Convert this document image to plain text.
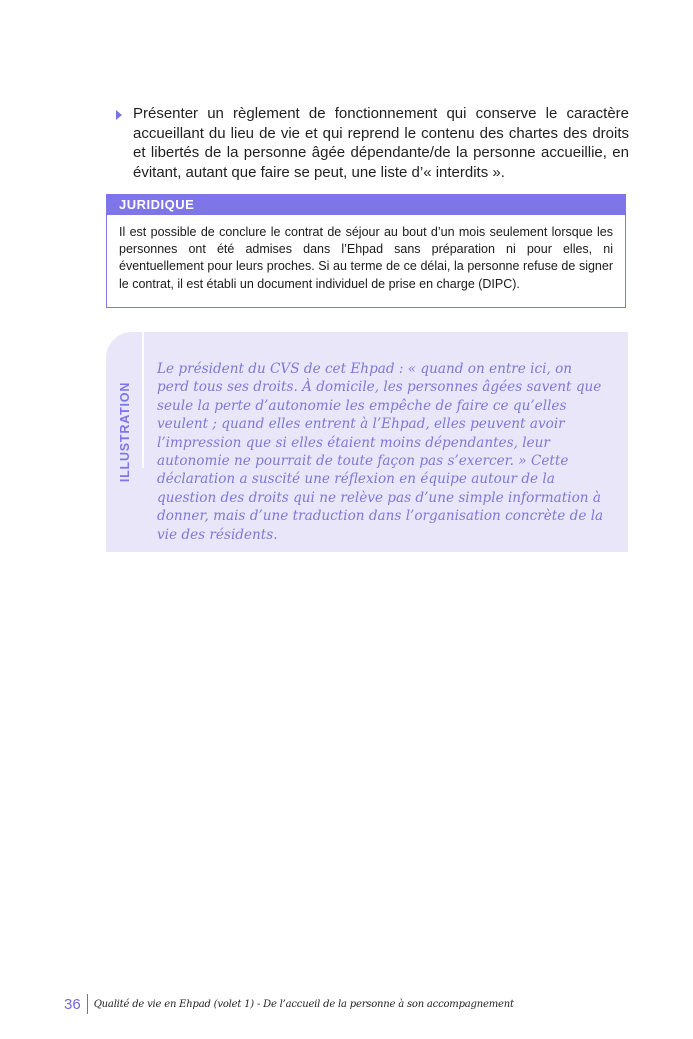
Présenter un règlement de fonctionnement qui conserve le caractère accueillant du lieu de vie et qui reprend le contenu des chartes des droits et libertés de la personne âgée dépendante/de la personne accueillie, en évitant, autant que faire se peut, une liste d’« interdits ».

JURIDIQUE

Il est possible de conclure le contrat de séjour au bout d’un mois seulement lorsque les personnes ont été admises dans l’Ehpad sans préparation ni pour elles, ni éventuellement pour leurs proches. Si au terme de ce délai, la personne refuse de signer le contrat, il est établi un document individuel de prise en charge (DIPC).

ILLUSTRATION

Le président du CVS de cet Ehpad : « quand on entre ici, on perd tous ses droits. À domicile, les personnes âgées savent que seule la perte d’autonomie les empêche de faire ce qu’elles veulent ; quand elles entrent à l’Ehpad, elles peuvent avoir l’impression que si elles étaient moins dépendantes, leur autonomie ne pourrait de toute façon pas s’exercer. » Cette déclaration a suscité une réflexion en équipe autour de la question des droits qui ne relève pas d’une simple information à donner, mais d’une traduction dans l’organisation concrète de la vie des résidents.

36	Qualité de vie en Ehpad (volet 1) - De l’accueil de la personne à son accompagnement
